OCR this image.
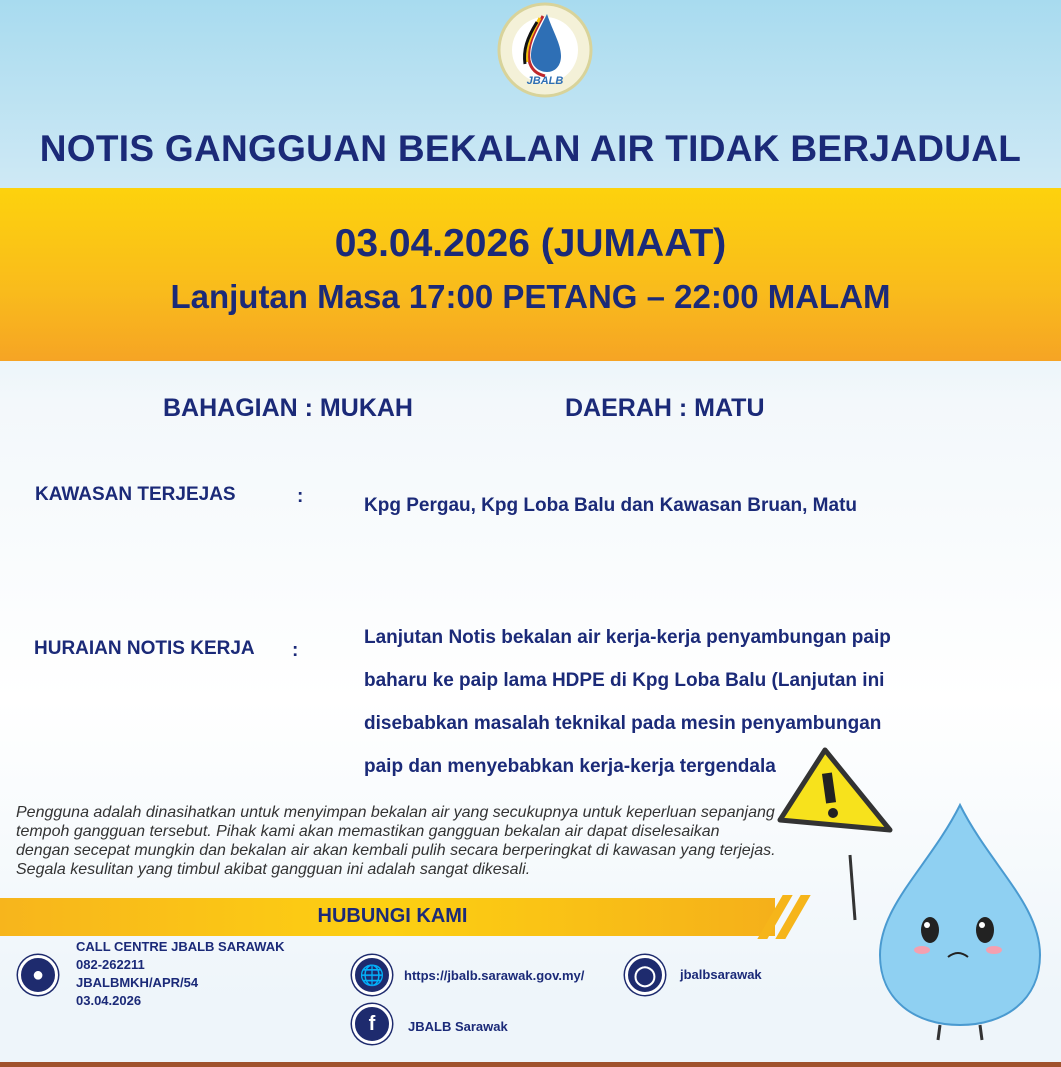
JBALB
NOTIS GANGGUAN BEKALAN AIR TIDAK BERJADUAL
03.04.2026 (JUMAAT)
Lanjutan Masa 17:00 PETANG – 22:00 MALAM
BAHAGIAN : MUKAH	DAERAH : MATU
KAWASAN TERJEJAS	:	Kpg Pergau, Kpg Loba Balu dan Kawasan Bruan, Matu
HURAIAN NOTIS KERJA :
Lanjutan Notis bekalan air kerja-kerja penyambungan paip
baharu ke paip lama HDPE di Kpg Loba Balu (Lanjutan ini
disebabkan masalah teknikal pada mesin penyambungan
paip dan menyebabkan kerja-kerja tergendala
Pengguna adalah dinasihatkan untuk menyimpan bekalan air yang secukupnya untuk keperluan sepanjang tempoh gangguan tersebut. Pihak kami akan memastikan gangguan bekalan air dapat diselesaikan dengan secepat mungkin dan bekalan air akan kembali pulih secara berperingkat di kawasan yang terjejas. Segala kesulitan yang timbul akibat gangguan ini adalah sangat dikesali.
HUBUNGI KAMI
●
CALL CENTRE JBALB SARAWAK
082-262211
JBALBMKH/APR/54
03.04.2026
🌐	https://jbalb.sarawak.gov.my/
f	JBALB Sarawak
◯	jbalbsarawak
